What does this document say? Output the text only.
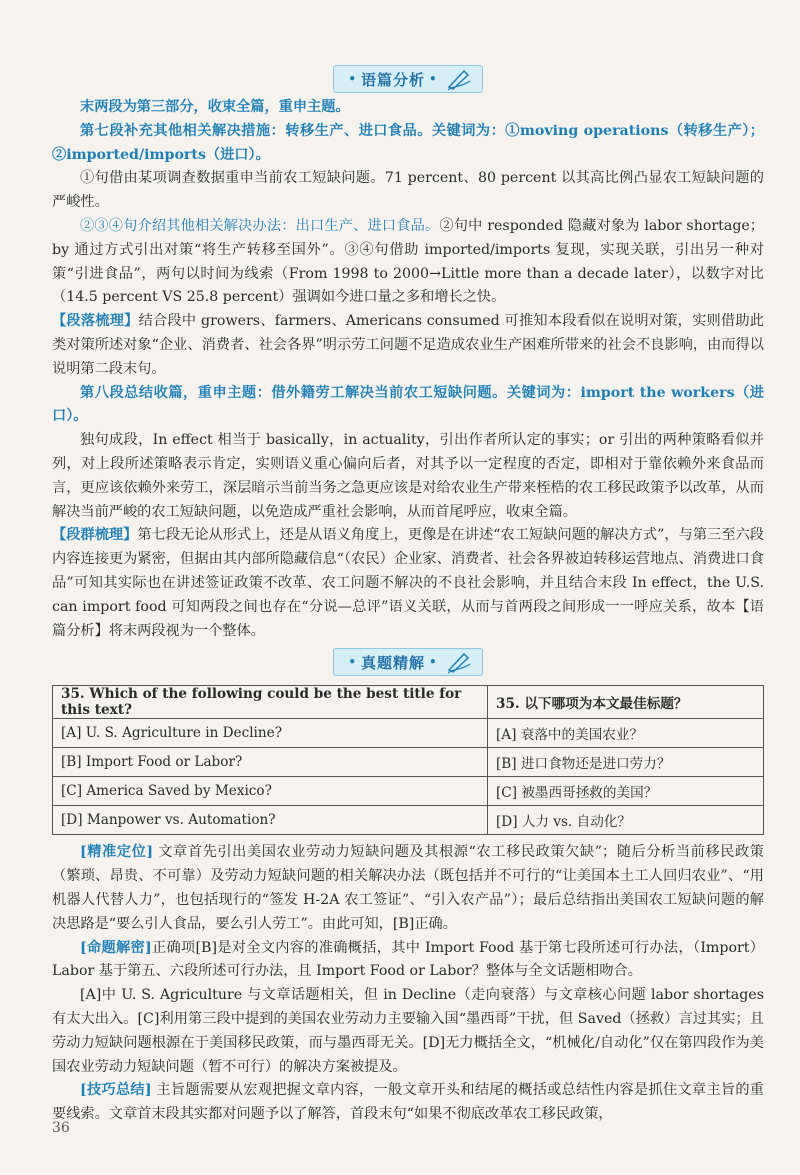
• 语篇分析 •

末两段为第三部分，收束全篇，重申主题。

第七段补充其他相关解决措施：转移生产、进口食品。关键词为：①moving operations（转移生产）；②imported/imports（进口）。

①句借由某项调查数据重申当前农工短缺问题。71 percent、80 percent 以其高比例凸显农工短缺问题的严峻性。

②③④句介绍其他相关解决办法：出口生产、进口食品。②句中 responded 隐藏对象为 labor shortage；by 通过方式引出对策“将生产转移至国外”。③④句借助 imported/imports 复现，实现关联，引出另一种对策“引进食品”，两句以时间为线索（From 1998 to 2000→Little more than a decade later），以数字对比（14.5 percent VS 25.8 percent）强调如今进口量之多和增长之快。

【段落梳理】结合段中 growers、farmers、Americans consumed 可推知本段看似在说明对策，实则借助此类对策所述对象“企业、消费者、社会各界”明示劳工问题不足造成农业生产困难所带来的社会不良影响，由而得以说明第二段末句。

第八段总结收篇，重申主题：借外籍劳工解决当前农工短缺问题。关键词为：import the workers（进口）。

独句成段，In effect 相当于 basically，in actuality，引出作者所认定的事实；or 引出的两种策略看似并列，对上段所述策略表示肯定，实则语义重心偏向后者，对其予以一定程度的否定，即相对于靠依赖外来食品而言，更应该依赖外来劳工，深层暗示当前当务之急更应该是对给农业生产带来桎梏的农工移民政策予以改革，从而解决当前严峻的农工短缺问题，以免造成严重社会影响，从而首尾呼应，收束全篇。

【段群梳理】第七段无论从形式上，还是从语义角度上，更像是在讲述“农工短缺问题的解决方式”，与第三至六段内容连接更为紧密，但据由其内部所隐藏信息“（农民）企业家、消费者、社会各界被迫转移运营地点、消费进口食品”可知其实际也在讲述签证政策不改革、农工问题不解决的不良社会影响，并且结合末段 In effect，the U.S. can import food 可知两段之间也存在“分说—总评”语义关联，从而与首两段之间形成一一呼应关系，故本【语篇分析】将末两段视为一个整体。

• 真题精解 •
35. Which of the following could be the best title for this text?	35. 以下哪项为本文最佳标题？
[A] U. S. Agriculture in Decline?	[A] 衰落中的美国农业？
[B] Import Food or Labor?	[B] 进口食物还是进口劳力？
[C] America Saved by Mexico?	[C] 被墨西哥拯救的美国？
[D] Manpower vs. Automation?	[D] 人力 vs. 自动化？

[精准定位] 文章首先引出美国农业劳动力短缺问题及其根源“农工移民政策欠缺”；随后分析当前移民政策（繁琐、昂贵、不可靠）及劳动力短缺问题的相关解决办法（既包括并不可行的“让美国本土工人回归农业”、“用机器人代替人力”，也包括现行的“签发 H-2A 农工签证”、“引入农产品”）；最后总结指出美国农工短缺问题的解决思路是“要么引人食品，要么引人劳工”。由此可知，[B]正确。

[命题解密]正确项[B]是对全文内容的准确概括，其中 Import Food 基于第七段所述可行办法，（Import）Labor 基于第五、六段所述可行办法，且 Import Food or Labor？整体与全文话题相吻合。

[A]中 U. S. Agriculture 与文章话题相关，但 in Decline（走向衰落）与文章核心问题 labor shortages 有太大出入。[C]利用第三段中提到的美国农业劳动力主要输入国“墨西哥”干扰，但 Saved（拯救）言过其实；且劳动力短缺问题根源在于美国移民政策，而与墨西哥无关。[D]无力概括全文，“机械化/自动化”仅在第四段作为美国农业劳动力短缺问题（暂不可行）的解决方案被提及。

[技巧总结] 主旨题需要从宏观把握文章内容，一般文章开头和结尾的概括或总结性内容是抓住文章主旨的重要线索。文章首末段其实都对问题予以了解答，首段末句“如果不彻底改革农工移民政策，

36
